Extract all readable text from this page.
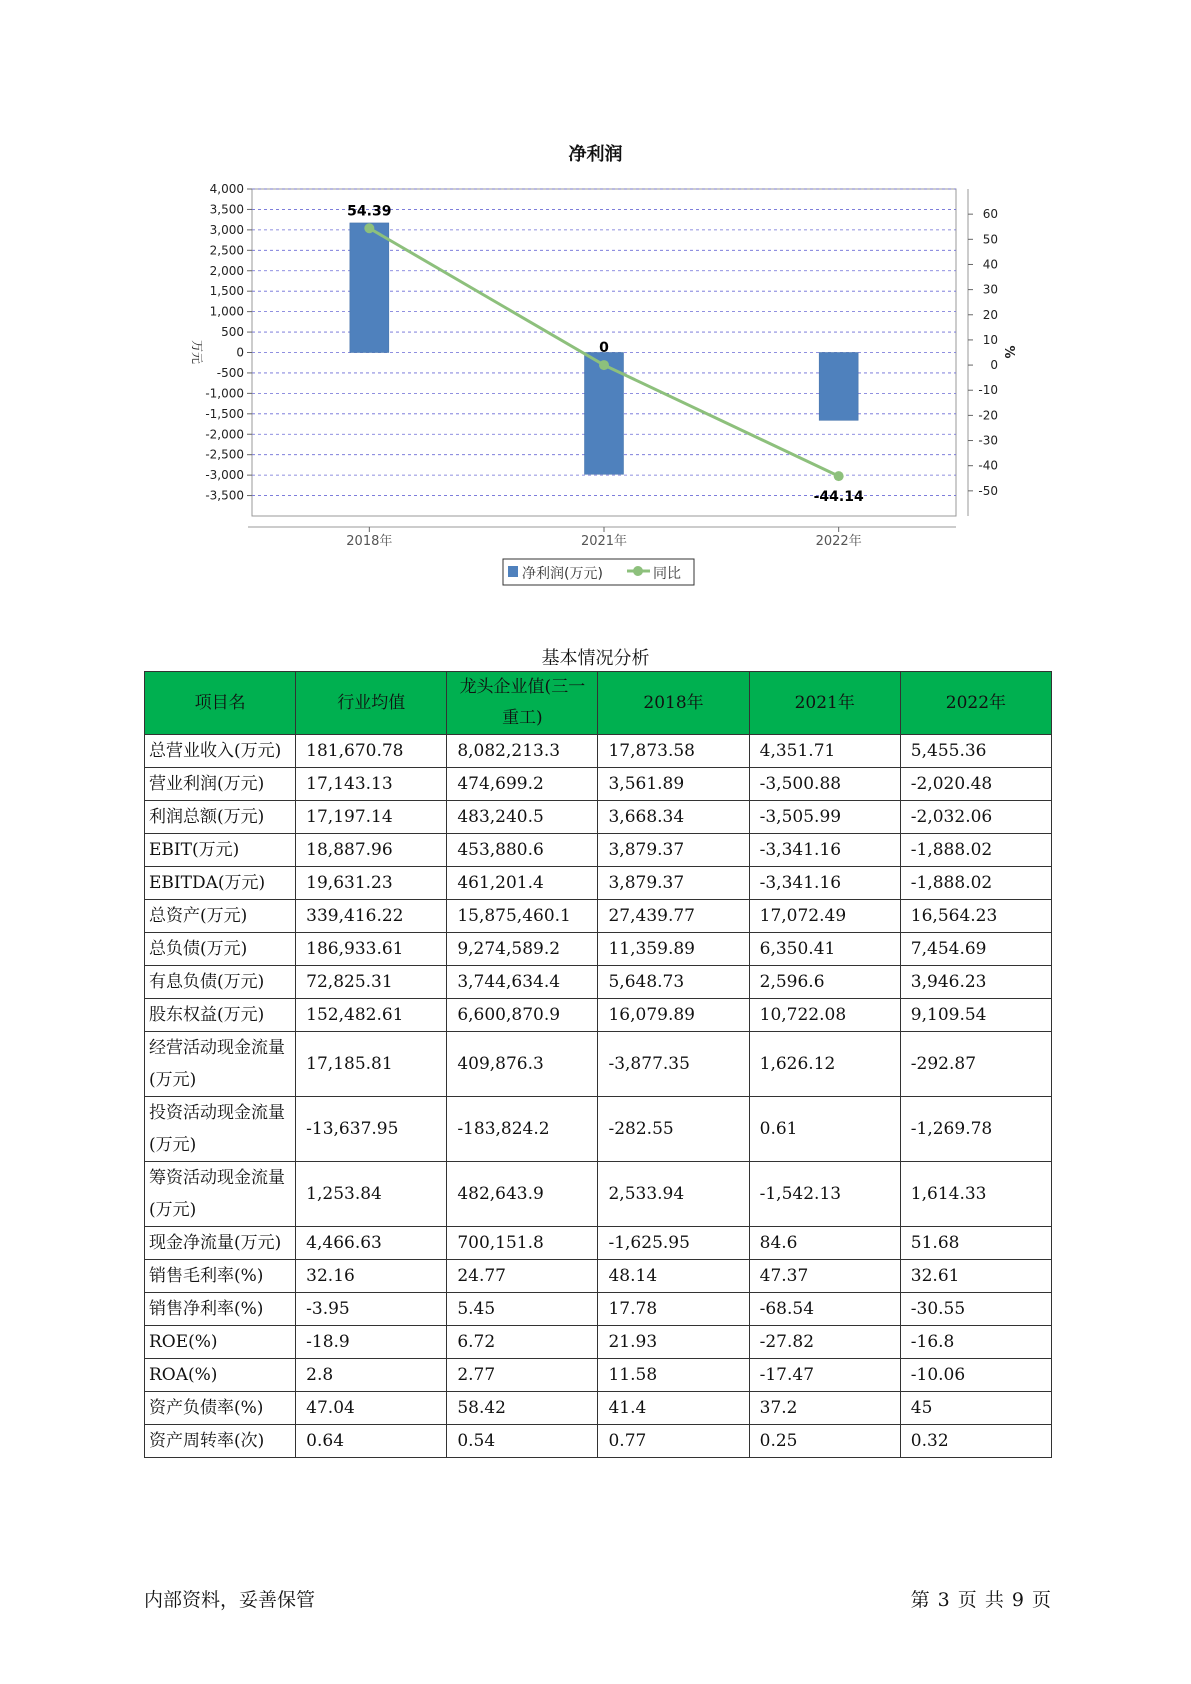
净利润
4,000
3,500
3,000
2,500
2,000
1,500
1,000
500
0
-500
-1,000
-1,500
-2,000
-2,500
-3,000
-3,500
60
50
40
30
20
10
0
-10
-20
-30
-40
-50
万元	%
2018年	2021年	2022年
54.39
0
-44.14
净利润(万元)	同比
基本情况分析
项目名	行业均值	龙头企业值(三一重工)	2018年	2021年	2022年
总营业收入(万元)	181,670.78	8,082,213.3	17,873.58	4,351.71	5,455.36
营业利润(万元)	17,143.13	474,699.2	3,561.89	-3,500.88	-2,020.48
利润总额(万元)	17,197.14	483,240.5	3,668.34	-3,505.99	-2,032.06
EBIT(万元)	18,887.96	453,880.6	3,879.37	-3,341.16	-1,888.02
EBITDA(万元)	19,631.23	461,201.4	3,879.37	-3,341.16	-1,888.02
总资产(万元)	339,416.22	15,875,460.1	27,439.77	17,072.49	16,564.23
总负债(万元)	186,933.61	9,274,589.2	11,359.89	6,350.41	7,454.69
有息负债(万元)	72,825.31	3,744,634.4	5,648.73	2,596.6	3,946.23
股东权益(万元)	152,482.61	6,600,870.9	16,079.89	10,722.08	9,109.54
经营活动现金流量(万元)	17,185.81	409,876.3	-3,877.35	1,626.12	-292.87
投资活动现金流量(万元)	-13,637.95	-183,824.2	-282.55	0.61	-1,269.78
筹资活动现金流量(万元)	1,253.84	482,643.9	2,533.94	-1,542.13	1,614.33
现金净流量(万元)	4,466.63	700,151.8	-1,625.95	84.6	51.68
销售毛利率(%)	32.16	24.77	48.14	47.37	32.61
销售净利率(%)	-3.95	5.45	17.78	-68.54	-30.55
ROE(%)	-18.9	6.72	21.93	-27.82	-16.8
ROA(%)	2.8	2.77	11.58	-17.47	-10.06
资产负债率(%)	47.04	58.42	41.4	37.2	45
资产周转率(次)	0.64	0.54	0.77	0.25	0.32
内部资料，妥善保管	第 3 页 共 9 页
